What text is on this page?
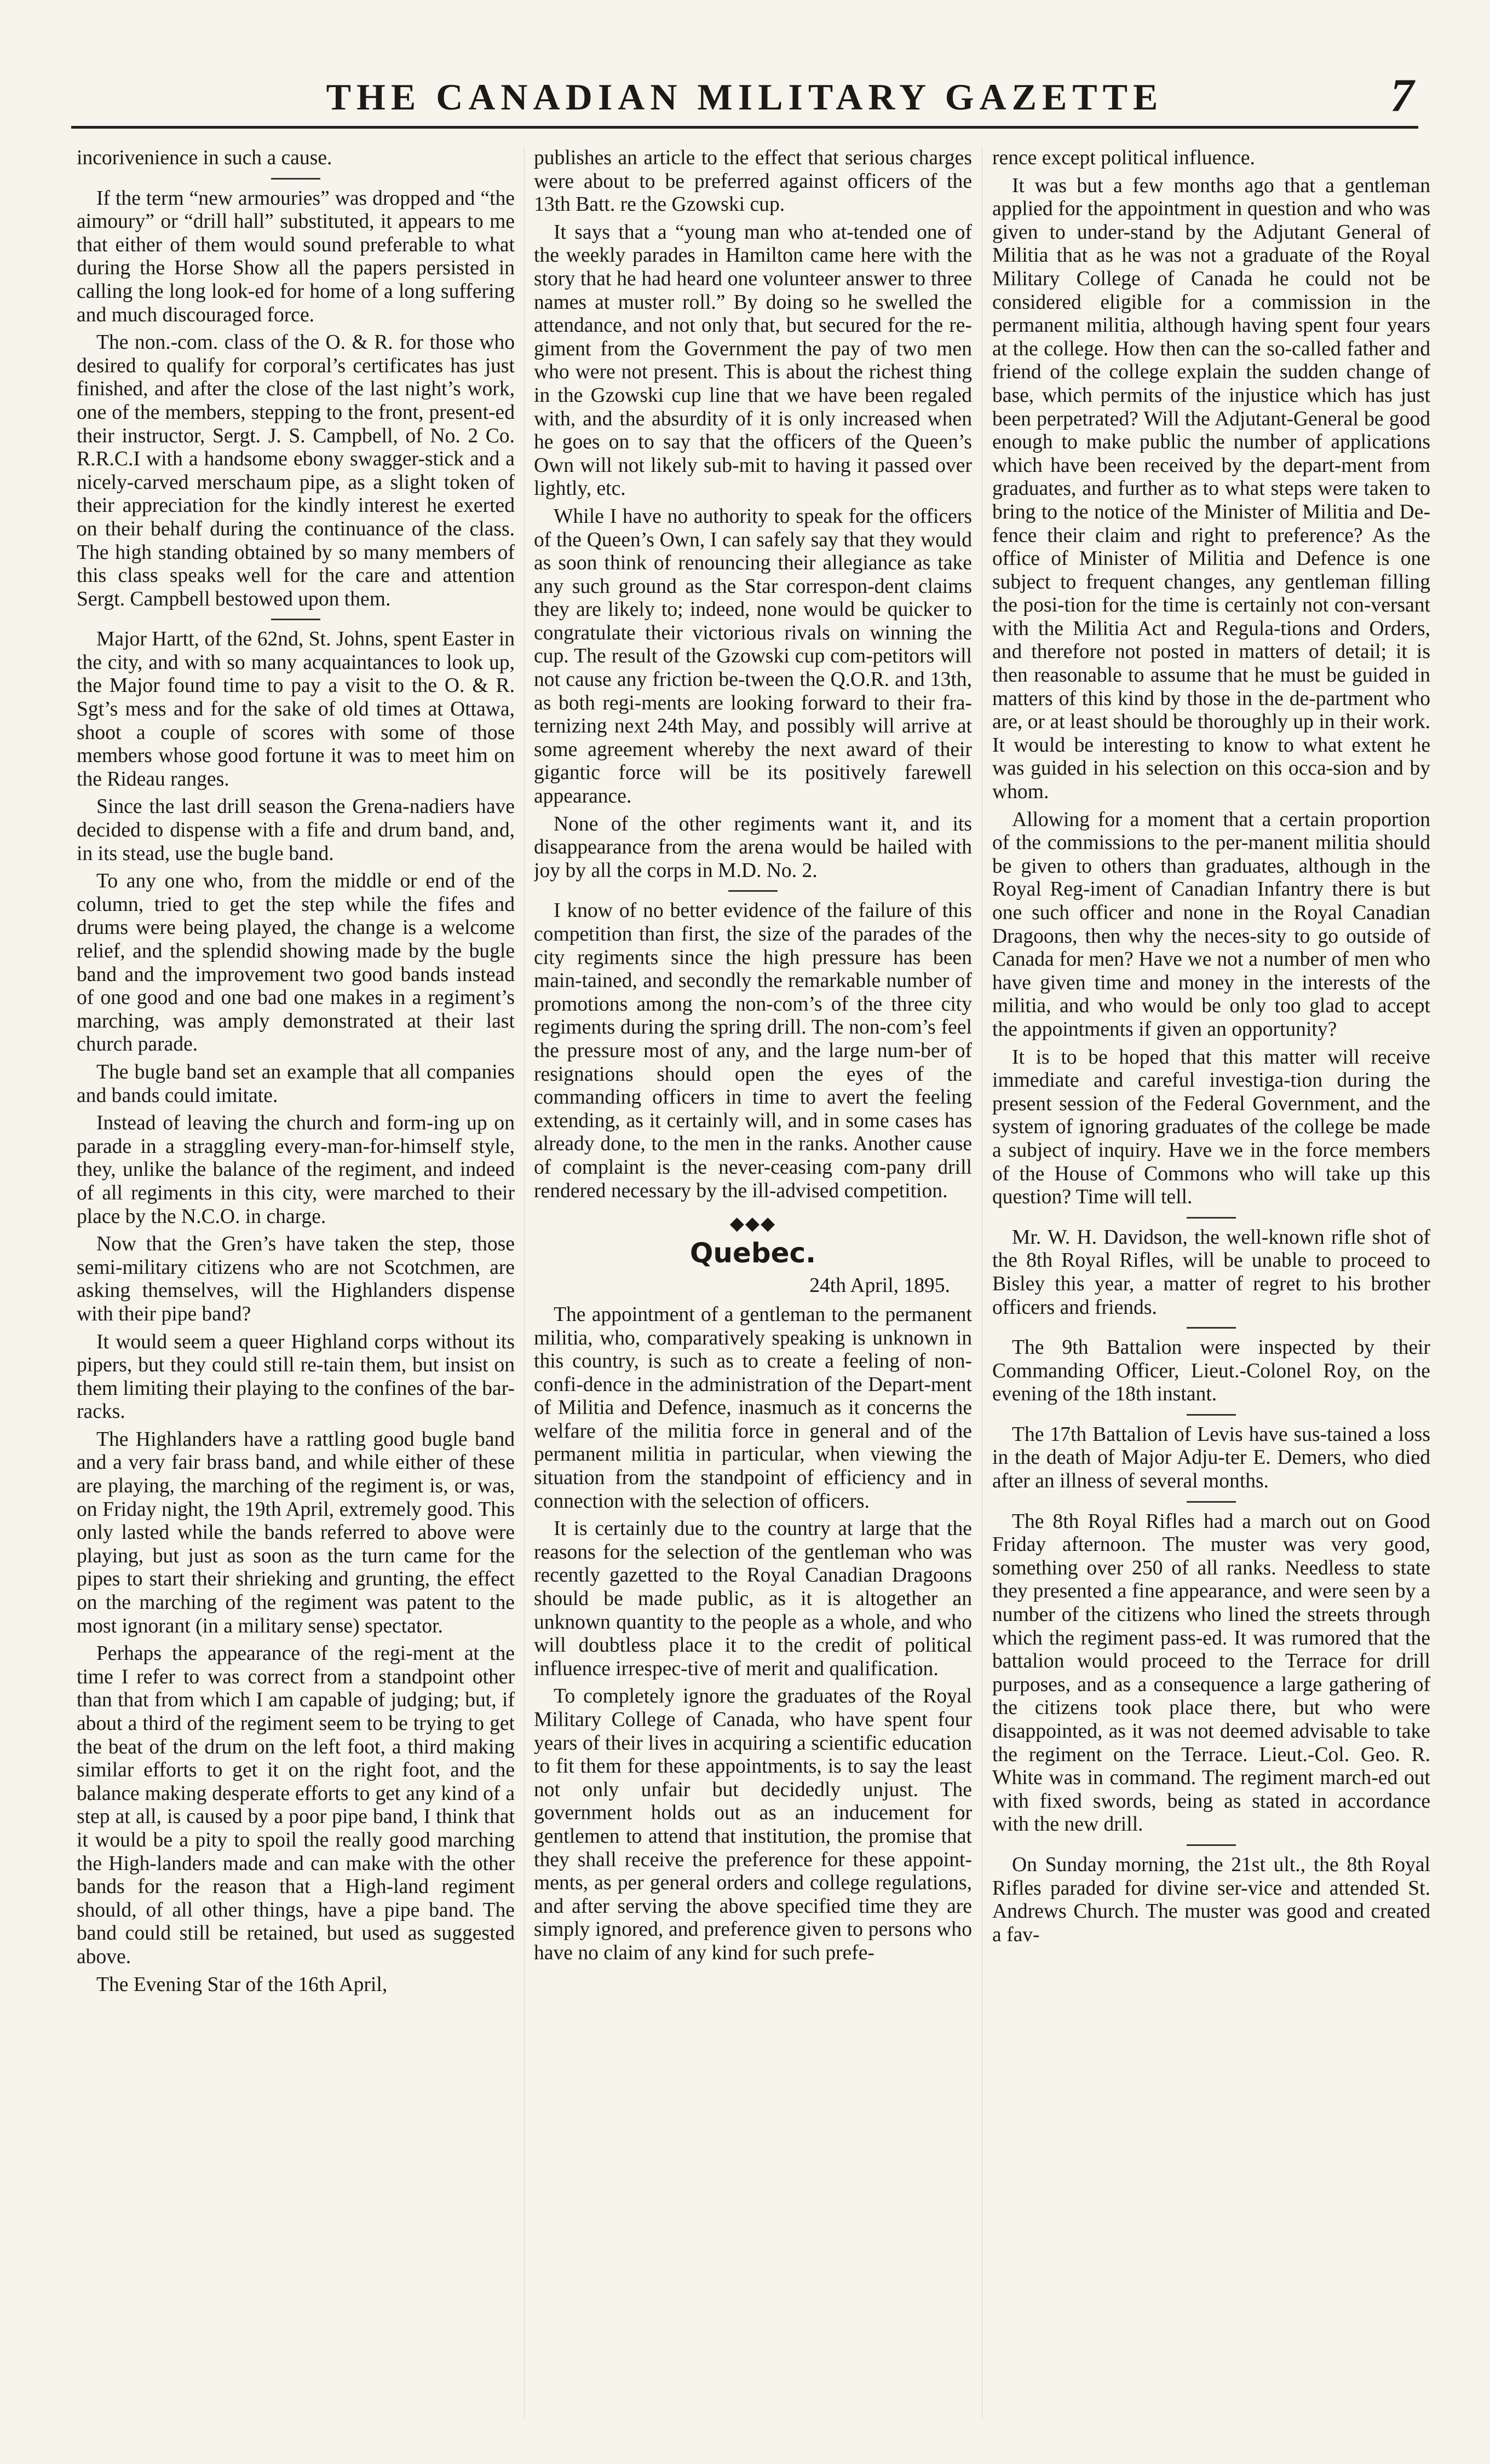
THE CANADIAN MILITARY GAZETTE	7

incorivenience in such a cause.

If the term “new armouries” was dropped and “the aimoury” or “drill hall” substituted, it appears to me that either of them would sound preferable to what during the Horse Show all the papers persisted in calling the long look-ed for home of a long suffering and much discouraged force.

The non.-com. class of the O. & R. for those who desired to qualify for corporal’s certificates has just finished, and after the close of the last night’s work, one of the members, stepping to the front, present-ed their instructor, Sergt. J. S. Campbell, of No. 2 Co. R.R.C.I with a handsome ebony swagger-stick and a nicely-carved merschaum pipe, as a slight token of their appreciation for the kindly interest he exerted on their behalf during the continuance of the class. The high standing obtained by so many members of this class speaks well for the care and attention Sergt. Campbell bestowed upon them.

Major Hartt, of the 62nd, St. Johns, spent Easter in the city, and with so many acquaintances to look up, the Major found time to pay a visit to the O. & R. Sgt’s mess and for the sake of old times at Ottawa, shoot a couple of scores with some of those members whose good fortune it was to meet him on the Rideau ranges.

Since the last drill season the Grena-nadiers have decided to dispense with a fife and drum band, and, in its stead, use the bugle band.

To any one who, from the middle or end of the column, tried to get the step while the fifes and drums were being played, the change is a welcome relief, and the splendid showing made by the bugle band and the improvement two good bands instead of one good and one bad one makes in a regiment’s marching, was amply demonstrated at their last church parade.

The bugle band set an example that all companies and bands could imitate.

Instead of leaving the church and form-ing up on parade in a straggling every-man-for-himself style, they, unlike the balance of the regiment, and indeed of all regiments in this city, were marched to their place by the N.C.O. in charge.

Now that the Gren’s have taken the step, those semi-military citizens who are not Scotchmen, are asking themselves, will the Highlanders dispense with their pipe band?

It would seem a queer Highland corps without its pipers, but they could still re-tain them, but insist on them limiting their playing to the confines of the bar-racks.

The Highlanders have a rattling good bugle band and a very fair brass band, and while either of these are playing, the marching of the regiment is, or was, on Friday night, the 19th April, extremely good. This only lasted while the bands referred to above were playing, but just as soon as the turn came for the pipes to start their shrieking and grunting, the effect on the marching of the regiment was patent to the most ignorant (in a military sense) spectator.

Perhaps the appearance of the regi-ment at the time I refer to was correct from a standpoint other than that from which I am capable of judging; but, if about a third of the regiment seem to be trying to get the beat of the drum on the left foot, a third making similar efforts to get it on the right foot, and the balance making desperate efforts to get any kind of a step at all, is caused by a poor pipe band, I think that it would be a pity to spoil the really good marching the High-landers made and can make with the other bands for the reason that a High-land regiment should, of all other things, have a pipe band. The band could still be retained, but used as suggested above.

The Evening Star of the 16th April,

publishes an article to the effect that serious charges were about to be preferred against officers of the 13th Batt. re the Gzowski cup.

It says that a “young man who at-tended one of the weekly parades in Hamilton came here with the story that he had heard one volunteer answer to three names at muster roll.” By doing so he swelled the attendance, and not only that, but secured for the re-giment from the Government the pay of two men who were not present. This is about the richest thing in the Gzowski cup line that we have been regaled with, and the absurdity of it is only increased when he goes on to say that the officers of the Queen’s Own will not likely sub-mit to having it passed over lightly, etc.

While I have no authority to speak for the officers of the Queen’s Own, I can safely say that they would as soon think of renouncing their allegiance as take any such ground as the Star correspon-dent claims they are likely to; indeed, none would be quicker to congratulate their victorious rivals on winning the cup. The result of the Gzowski cup com-petitors will not cause any friction be-tween the Q.O.R. and 13th, as both regi-ments are looking forward to their fra-ternizing next 24th May, and possibly will arrive at some agreement whereby the next award of their gigantic force will be its positively farewell appearance.

None of the other regiments want it, and its disappearance from the arena would be hailed with joy by all the corps in M.D. No. 2.

I know of no better evidence of the failure of this competition than first, the size of the parades of the city regiments since the high pressure has been main-tained, and secondly the remarkable number of promotions among the non-com’s of the three city regiments during the spring drill. The non-com’s feel the pressure most of any, and the large num-ber of resignations should open the eyes of the commanding officers in time to avert the feeling extending, as it certainly will, and in some cases has already done, to the men in the ranks. Another cause of complaint is the never-ceasing com-pany drill rendered necessary by the ill-advised competition.

◆◆◆
Quebec.

24th April, 1895.

The appointment of a gentleman to the permanent militia, who, comparatively speaking is unknown in this country, is such as to create a feeling of non-confi-dence in the administration of the Depart-ment of Militia and Defence, inasmuch as it concerns the welfare of the militia force in general and of the permanent militia in particular, when viewing the situation from the standpoint of efficiency and in connection with the selection of officers.

It is certainly due to the country at large that the reasons for the selection of the gentleman who was recently gazetted to the Royal Canadian Dragoons should be made public, as it is altogether an unknown quantity to the people as a whole, and who will doubtless place it to the credit of political influence irrespec-tive of merit and qualification.

To completely ignore the graduates of the Royal Military College of Canada, who have spent four years of their lives in acquiring a scientific education to fit them for these appointments, is to say the least not only unfair but decidedly unjust. The government holds out as an inducement for gentlemen to attend that institution, the promise that they shall receive the preference for these appoint-ments, as per general orders and college regulations, and after serving the above specified time they are simply ignored, and preference given to persons who have no claim of any kind for such prefe-

rence except political influence.

It was but a few months ago that a gentleman applied for the appointment in question and who was given to under-stand by the Adjutant General of Militia that as he was not a graduate of the Royal Military College of Canada he could not be considered eligible for a commission in the permanent militia, although having spent four years at the college. How then can the so-called father and friend of the college explain the sudden change of base, which permits of the injustice which has just been perpetrated? Will the Adjutant-General be good enough to make public the number of applications which have been received by the depart-ment from graduates, and further as to what steps were taken to bring to the notice of the Minister of Militia and De-fence their claim and right to preference? As the office of Minister of Militia and Defence is one subject to frequent changes, any gentleman filling the posi-tion for the time is certainly not con-versant with the Militia Act and Regula-tions and Orders, and therefore not posted in matters of detail; it is then reasonable to assume that he must be guided in matters of this kind by those in the de-partment who are, or at least should be thoroughly up in their work. It would be interesting to know to what extent he was guided in his selection on this occa-sion and by whom.

Allowing for a moment that a certain proportion of the commissions to the per-manent militia should be given to others than graduates, although in the Royal Reg-iment of Canadian Infantry there is but one such officer and none in the Royal Canadian Dragoons, then why the neces-sity to go outside of Canada for men? Have we not a number of men who have given time and money in the interests of the militia, and who would be only too glad to accept the appointments if given an opportunity?

It is to be hoped that this matter will receive immediate and careful investiga-tion during the present session of the Federal Government, and the system of ignoring graduates of the college be made a subject of inquiry. Have we in the force members of the House of Commons who will take up this question? Time will tell.

Mr. W. H. Davidson, the well-known rifle shot of the 8th Royal Rifles, will be unable to proceed to Bisley this year, a matter of regret to his brother officers and friends.

The 9th Battalion were inspected by their Commanding Officer, Lieut.-Colonel Roy, on the evening of the 18th instant.

The 17th Battalion of Levis have sus-tained a loss in the death of Major Adju-ter E. Demers, who died after an illness of several months.

The 8th Royal Rifles had a march out on Good Friday afternoon. The muster was very good, something over 250 of all ranks. Needless to state they presented a fine appearance, and were seen by a number of the citizens who lined the streets through which the regiment pass-ed. It was rumored that the battalion would proceed to the Terrace for drill purposes, and as a consequence a large gathering of the citizens took place there, but who were disappointed, as it was not deemed advisable to take the regiment on the Terrace. Lieut.-Col. Geo. R. White was in command. The regiment march-ed out with fixed swords, being as stated in accordance with the new drill.

On Sunday morning, the 21st ult., the 8th Royal Rifles paraded for divine ser-vice and attended St. Andrews Church. The muster was good and created a fav-
